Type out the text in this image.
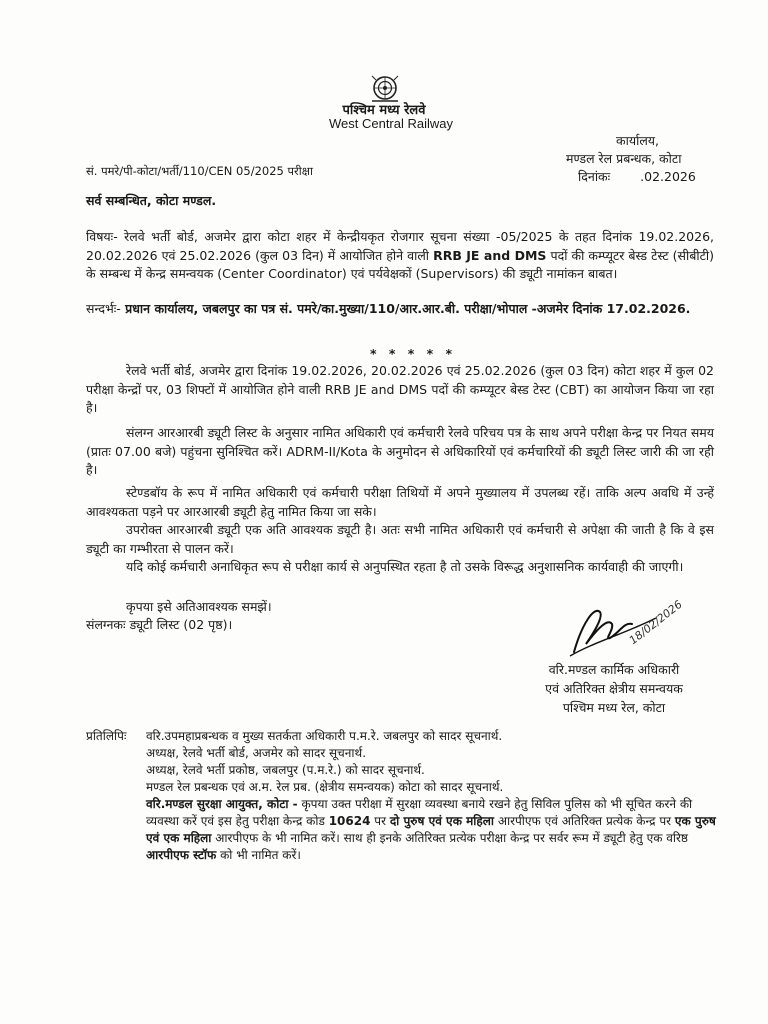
पश्चिम मध्य रेलवे
West Central Railway
कार्यालय,
मण्डल रेल प्रबन्धक, कोटा
दिनांकः .02.2026
सं. पमरे/पी-कोटा/भर्ती/110/CEN 05/2025 परीक्षा
सर्व सम्बन्धित, कोटा मण्डल.
विषयः- रेलवे भर्ती बोर्ड, अजमेर द्वारा कोटा शहर में केन्द्रीयकृत रोजगार सूचना संख्या -05/2025 के तहत दिनांक 19.02.2026, 20.02.2026 एवं 25.02.2026 (कुल 03 दिन) में आयोजित होने वाली RRB JE and DMS पदों की कम्प्यूटर बेस्ड टेस्ट (सीबीटी) के सम्बन्ध में केन्द्र समन्वयक (Center Coordinator) एवं पर्यवेक्षकों (Supervisors) की ड्यूटी नामांकन बाबत।
सन्दर्भः- प्रधान कार्यालय, जबलपुर का पत्र सं. पमरे/का.मुख्या/110/आर.आर.बी. परीक्षा/भोपाल -अजमेर दिनांक 17.02.2026.
* * * * *
रेलवे भर्ती बोर्ड, अजमेर द्वारा दिनांक 19.02.2026, 20.02.2026 एवं 25.02.2026 (कुल 03 दिन) कोटा शहर में कुल 02 परीक्षा केन्द्रों पर, 03 शिफ्टों में आयोजित होने वाली RRB JE and DMS पदों की कम्प्यूटर बेस्ड टेस्ट (CBT) का आयोजन किया जा रहा है।
संलग्न आरआरबी ड्यूटी लिस्ट के अनुसार नामित अधिकारी एवं कर्मचारी रेलवे परिचय पत्र के साथ अपने परीक्षा केन्द्र पर नियत समय (प्रातः 07.00 बजे) पहुंचना सुनिश्चित करें। ADRM-II/Kota के अनुमोदन से अधिकारियों एवं कर्मचारियों की ड्यूटी लिस्ट जारी की जा रही है।

स्टेण्डबॉय के रूप में नामित अधिकारी एवं कर्मचारी परीक्षा तिथियों में अपने मुख्यालय में उपलब्ध रहें। ताकि अल्प अवधि में उन्हें आवश्यकता पड़ने पर आरआरबी ड्यूटी हेतु नामित किया जा सके।

उपरोक्त आरआरबी ड्यूटी एक अति आवश्यक ड्यूटी है। अतः सभी नामित अधिकारी एवं कर्मचारी से अपेक्षा की जाती है कि वे इस ड्यूटी का गम्भीरता से पालन करें।

यदि कोई कर्मचारी अनाधिकृत रूप से परीक्षा कार्य से अनुपस्थित रहता है तो उसके विरूद्ध अनुशासनिक कार्यवाही की जाएगी।

कृपया इसे अतिआवश्यक समझें।
संलग्नकः ड्यूटी लिस्ट (02 पृष्ठ)।	18/02/2026
वरि.मण्डल कार्मिक अधिकारी
एवं अतिरिक्त क्षेत्रीय समन्वयक
पश्चिम मध्य रेल, कोटा
प्रतिलिपिः वरि.उपमहाप्रबन्धक व मुख्य सतर्कता अधिकारी प.म.रे. जबलपुर को सादर सूचनार्थ.
अध्यक्ष, रेलवे भर्ती बोर्ड, अजमेर को सादर सूचनार्थ.
अध्यक्ष, रेलवे भर्ती प्रकोष्ठ, जबलपुर (प.म.रे.) को सादर सूचनार्थ.
मण्डल रेल प्रबन्धक एवं अ.म. रेल प्रब. (क्षेत्रीय समन्वयक) कोटा को सादर सूचनार्थ.
वरि.मण्डल सुरक्षा आयुक्त, कोटा - कृपया उक्त परीक्षा में सुरक्षा व्यवस्था बनाये रखने हेतु सिविल पुलिस को भी सूचित करने की व्यवस्था करें एवं इस हेतु परीक्षा केन्द्र कोड 10624 पर दो पुरुष एवं एक महिला आरपीएफ एवं अतिरिक्त प्रत्येक केन्द्र पर एक पुरुष एवं एक महिला आरपीएफ के भी नामित करें। साथ ही इनके अतिरिक्त प्रत्येक परीक्षा केन्द्र पर सर्वर रूम में ड्यूटी हेतु एक वरिष्ठ आरपीएफ स्टॉफ को भी नामित करें।
